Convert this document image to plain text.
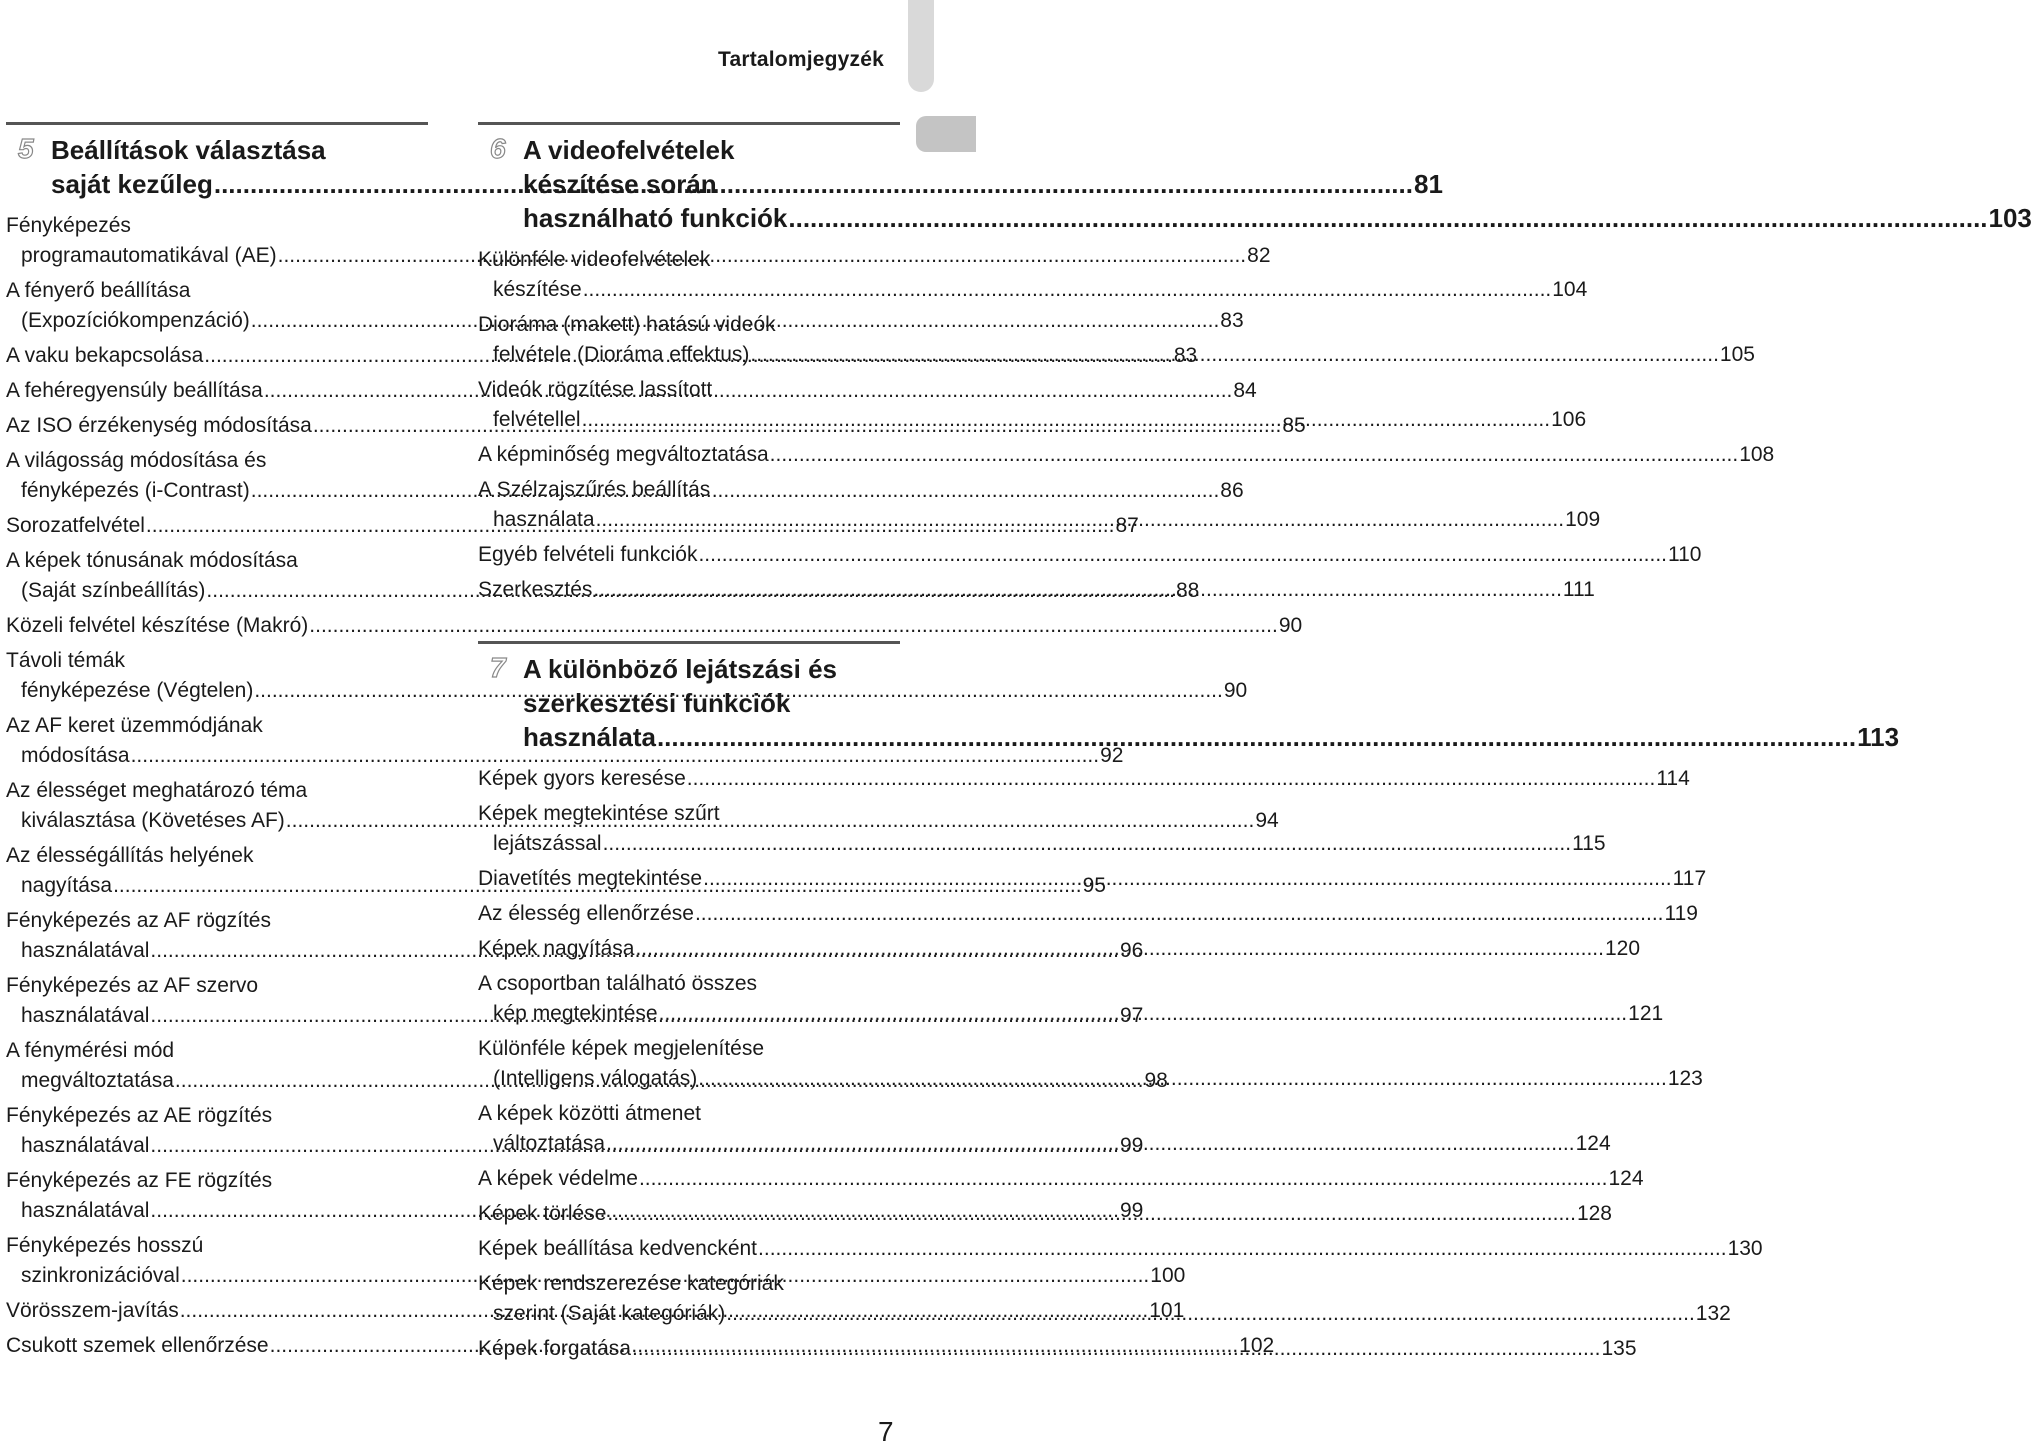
Tartalomjegyzék
5 Beállítások választása
saját kezűleg .....	81
Fényképezés
programautomatikával (AE) .....	82
A fényerő beállítása
(Expozíciókompenzáció) .....	83
A vaku bekapcsolása .....	83
A fehéregyensúly beállítása .....	84
Az ISO érzékenység módosítása .....	85
A világosság módosítása és
fényképezés (i-Contrast) .....	86
Sorozatfelvétel .....	87
A képek tónusának módosítása
(Saját színbeállítás) .....	88
Közeli felvétel készítése (Makró) .....	90
Távoli témák
fényképezése (Végtelen) .....	90
Az AF keret üzemmódjának
módosítása .....	92
Az élességet meghatározó téma
kiválasztása (Követéses AF) .....	94
Az élességállítás helyének
nagyítása .....	95
Fényképezés az AF rögzítés
használatával .....	96
Fényképezés az AF szervo
használatával .....	97
A fénymérési mód
megváltoztatása .....	98
Fényképezés az AE rögzítés
használatával .....	99
Fényképezés az FE rögzítés
használatával .....	99
Fényképezés hosszú
szinkronizációval .....	100
Vörösszem-javítás .....	101
Csukott szemek ellenőrzése .....	102
6 A videofelvételek
készítése során
használható funkciók .....	103
Különféle videofelvételek
készítése .....	104
Dioráma (makett) hatású videók
felvétele (Dioráma effektus) .....	105
Videók rögzítése lassított
felvétellel .....	106
A képminőség megváltoztatása .....	108
A Szélzajszűrés beállítás
használata .....	109
Egyéb felvételi funkciók .....	110
Szerkesztés .....	111
7 A különböző lejátszási és
szerkesztési funkciók
használata .....	113
Képek gyors keresése .....	114
Képek megtekintése szűrt
lejátszással .....	115
Diavetítés megtekintése .....	117
Az élesség ellenőrzése .....	119
Képek nagyítása .....	120
A csoportban található összes
kép megtekintése .....	121
Különféle képek megjelenítése
(Intelligens válogatás) .....	123
A képek közötti átmenet
változtatása .....	124
A képek védelme .....	124
Képek törlése .....	128
Képek beállítása kedvencként .....	130
Képek rendszerezése kategóriák
szerint (Saját kategóriák) .....	132
Képek forgatása .....	135
7
